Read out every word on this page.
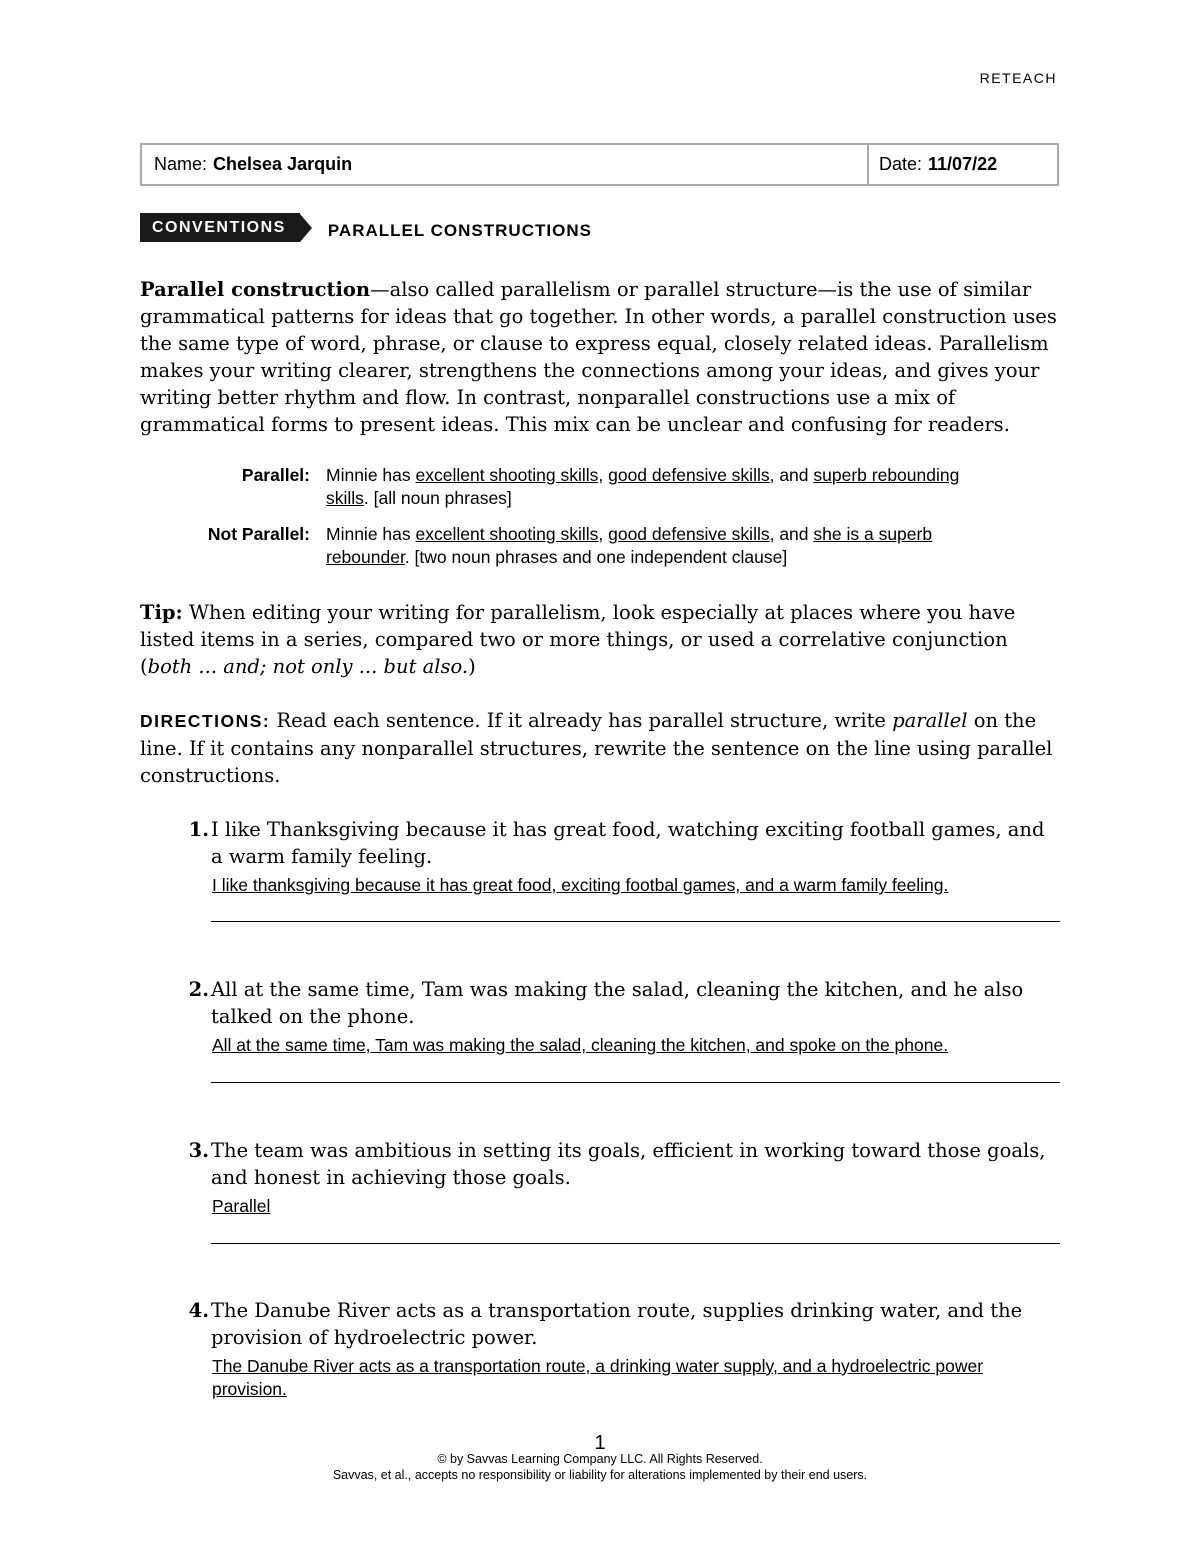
RETEACH
Name: Chelsea Jarquin	Date: 11/07/22
CONVENTIONS	PARALLEL CONSTRUCTIONS
Parallel construction—also called parallelism or parallel structure—is the use of similar grammatical patterns for ideas that go together. In other words, a parallel construction uses the same type of word, phrase, or clause to express equal, closely related ideas. Parallelism makes your writing clearer, strengthens the connections among your ideas, and gives your writing better rhythm and flow. In contrast, nonparallel constructions use a mix of grammatical forms to present ideas. This mix can be unclear and confusing for readers.
Parallel: Minnie has excellent shooting skills, good defensive skills, and superb rebounding skills. [all noun phrases]
Not Parallel: Minnie has excellent shooting skills, good defensive skills, and she is a superb rebounder. [two noun phrases and one independent clause]
Tip: When editing your writing for parallelism, look especially at places where you have listed items in a series, compared two or more things, or used a correlative conjunction (both ... and; not only ... but also.)
DIRECTIONS: Read each sentence. If it already has parallel structure, write parallel on the line. If it contains any nonparallel structures, rewrite the sentence on the line using parallel constructions.
1. I like Thanksgiving because it has great food, watching exciting football games, and a warm family feeling.
I like thanksgiving because it has great food, exciting footbal games, and a warm family feeling.
2. All at the same time, Tam was making the salad, cleaning the kitchen, and he also talked on the phone.
All at the same time, Tam was making the salad, cleaning the kitchen, and spoke on the phone.
3. The team was ambitious in setting its goals, efficient in working toward those goals, and honest in achieving those goals.
Parallel
4. The Danube River acts as a transportation route, supplies drinking water, and the provision of hydroelectric power.
The Danube River acts as a transportation route, a drinking water supply, and a hydroelectric power provision.
1
© by Savvas Learning Company LLC. All Rights Reserved.
Savvas, et al., accepts no responsibility or liability for alterations implemented by their end users.
